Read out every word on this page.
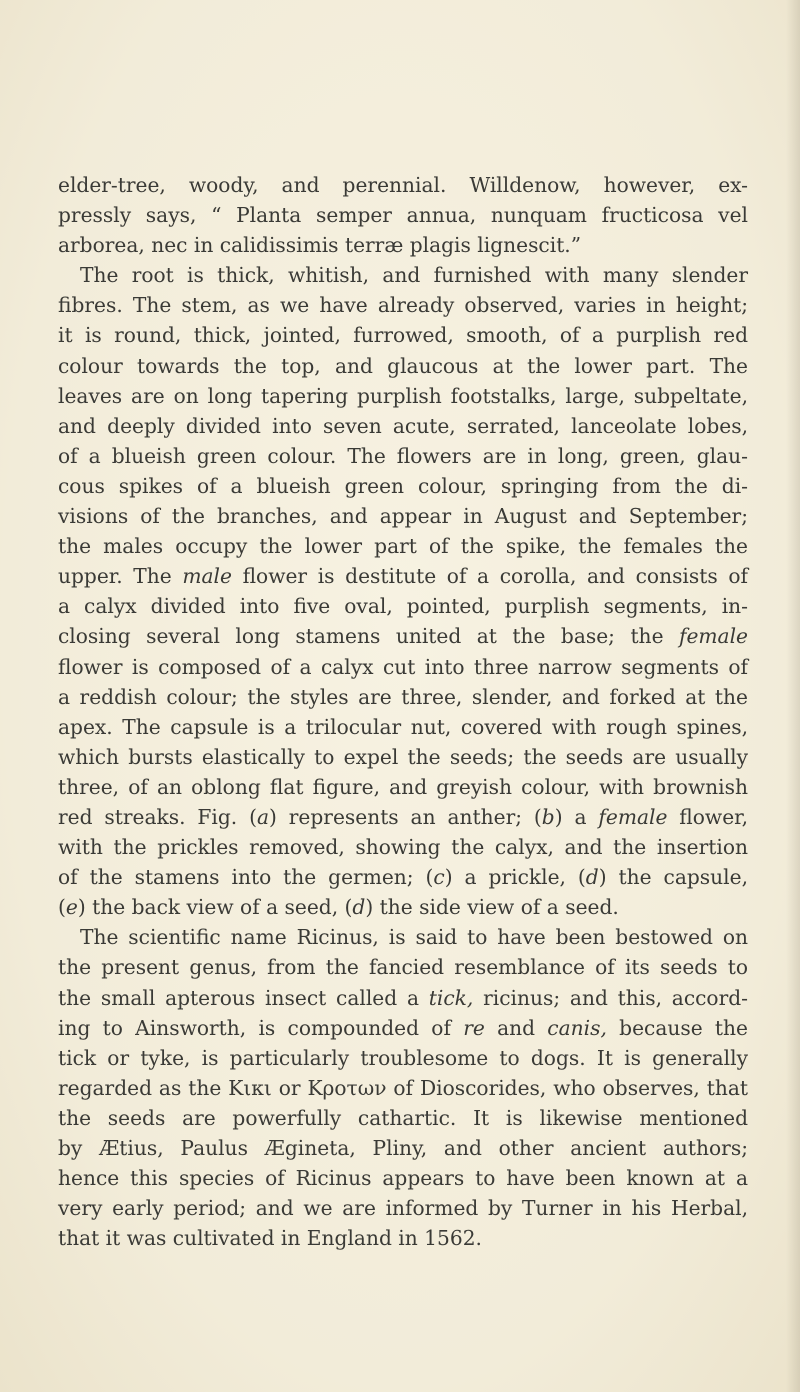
elder-tree, woody, and perennial. Willdenow, however, ex-
pressly says, “ Planta semper annua, nunquam fructicosa vel
arborea, nec in calidissimis terræ plagis lignescit.”
The root is thick, whitish, and furnished with many slender
fibres. The stem, as we have already observed, varies in height;
it is round, thick, jointed, furrowed, smooth, of a purplish red
colour towards the top, and glaucous at the lower part. The
leaves are on long tapering purplish footstalks, large, subpeltate,
and deeply divided into seven acute, serrated, lanceolate lobes,
of a blueish green colour. The flowers are in long, green, glau-
cous spikes of a blueish green colour, springing from the di-
visions of the branches, and appear in August and September;
the males occupy the lower part of the spike, the females the
upper. The male flower is destitute of a corolla, and consists of
a calyx divided into five oval, pointed, purplish segments, in-
closing several long stamens united at the base; the female
flower is composed of a calyx cut into three narrow segments of
a reddish colour; the styles are three, slender, and forked at the
apex. The capsule is a trilocular nut, covered with rough spines,
which bursts elastically to expel the seeds; the seeds are usually
three, of an oblong flat figure, and greyish colour, with brownish
red streaks. Fig. (a) represents an anther; (b) a female flower,
with the prickles removed, showing the calyx, and the insertion
of the stamens into the germen; (c) a prickle, (d) the capsule,
(e) the back view of a seed, (d) the side view of a seed.
The scientific name Ricinus, is said to have been bestowed on
the present genus, from the fancied resemblance of its seeds to
the small apterous insect called a tick, ricinus; and this, accord-
ing to Ainsworth, is compounded of re and canis, because the
tick or tyke, is particularly troublesome to dogs. It is generally
regarded as the Κικι or Κροτων of Dioscorides, who observes, that
the seeds are powerfully cathartic. It is likewise mentioned
by Ætius, Paulus Ægineta, Pliny, and other ancient authors;
hence this species of Ricinus appears to have been known at a
very early period; and we are informed by Turner in his Herbal,
that it was cultivated in England in 1562.
